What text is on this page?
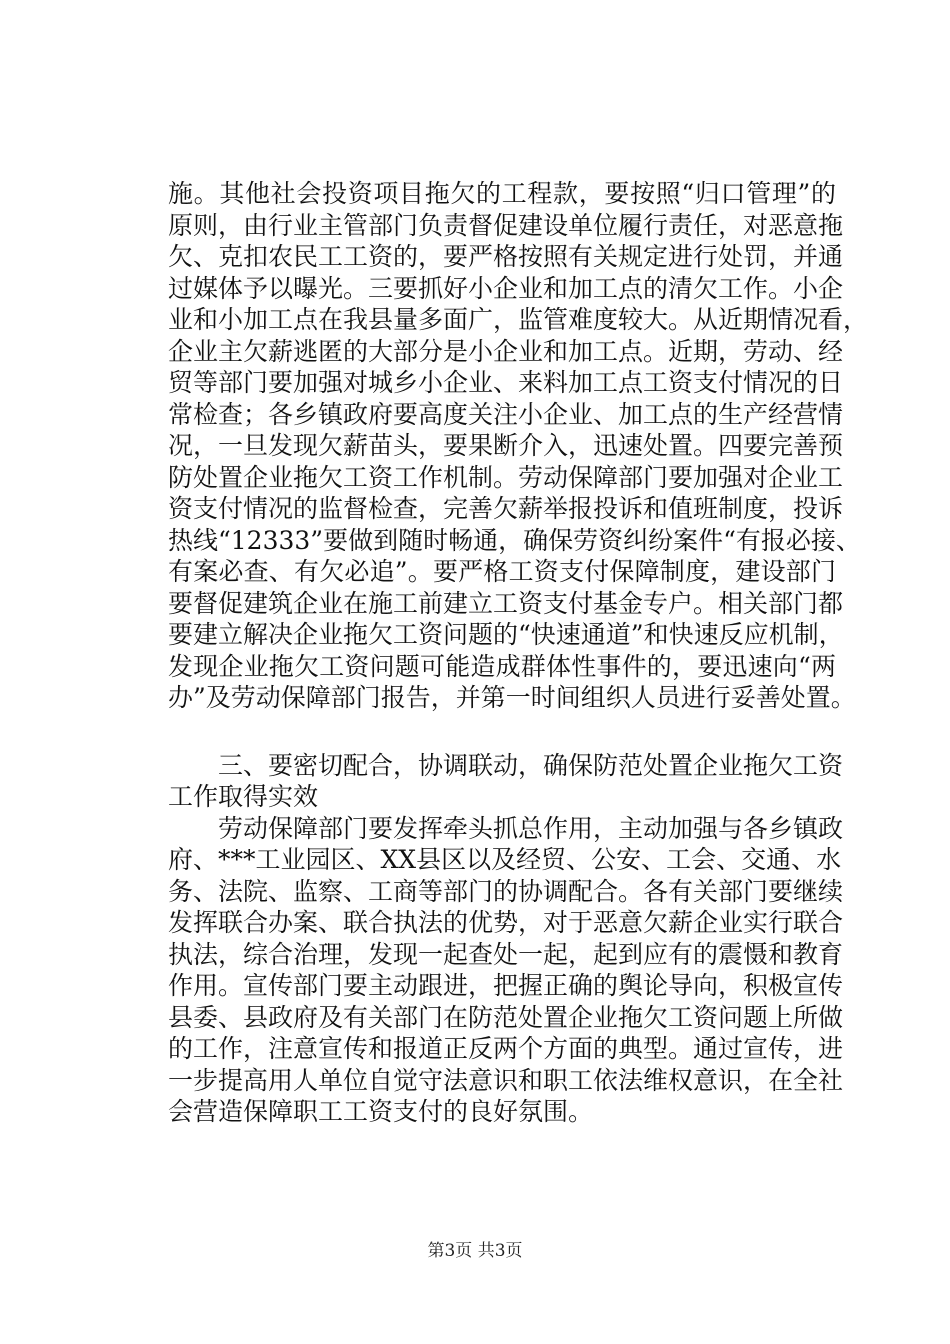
施。其他社会投资项目拖欠的工程款，要按照“归口管理”的
原则，由行业主管部门负责督促建设单位履行责任，对恶意拖
欠、克扣农民工工资的，要严格按照有关规定进行处罚，并通
过媒体予以曝光。三要抓好小企业和加工点的清欠工作。小企
业和小加工点在我县量多面广，监管难度较大。从近期情况看，
企业主欠薪逃匿的大部分是小企业和加工点。近期，劳动、经
贸等部门要加强对城乡小企业、来料加工点工资支付情况的日
常检查；各乡镇政府要高度关注小企业、加工点的生产经营情
况，一旦发现欠薪苗头，要果断介入，迅速处置。四要完善预
防处置企业拖欠工资工作机制。劳动保障部门要加强对企业工
资支付情况的监督检查，完善欠薪举报投诉和值班制度，投诉
热线“12333”要做到随时畅通，确保劳资纠纷案件“有报必接、
有案必查、有欠必追”。要严格工资支付保障制度，建设部门
要督促建筑企业在施工前建立工资支付基金专户。相关部门都
要建立解决企业拖欠工资问题的“快速通道”和快速反应机制，
发现企业拖欠工资问题可能造成群体性事件的，要迅速向“两
办”及劳动保障部门报告，并第一时间组织人员进行妥善处置。
　　三、要密切配合，协调联动，确保防范处置企业拖欠工资
工作取得实效
　　劳动保障部门要发挥牵头抓总作用，主动加强与各乡镇政
府、***工业园区、XX县区以及经贸、公安、工会、交通、水
务、法院、监察、工商等部门的协调配合。各有关部门要继续
发挥联合办案、联合执法的优势，对于恶意欠薪企业实行联合
执法，综合治理，发现一起查处一起，起到应有的震慑和教育
作用。宣传部门要主动跟进，把握正确的舆论导向，积极宣传
县委、县政府及有关部门在防范处置企业拖欠工资问题上所做
的工作，注意宣传和报道正反两个方面的典型。通过宣传，进
一步提高用人单位自觉守法意识和职工依法维权意识，在全社
会营造保障职工工资支付的良好氛围。
第3页 共3页
